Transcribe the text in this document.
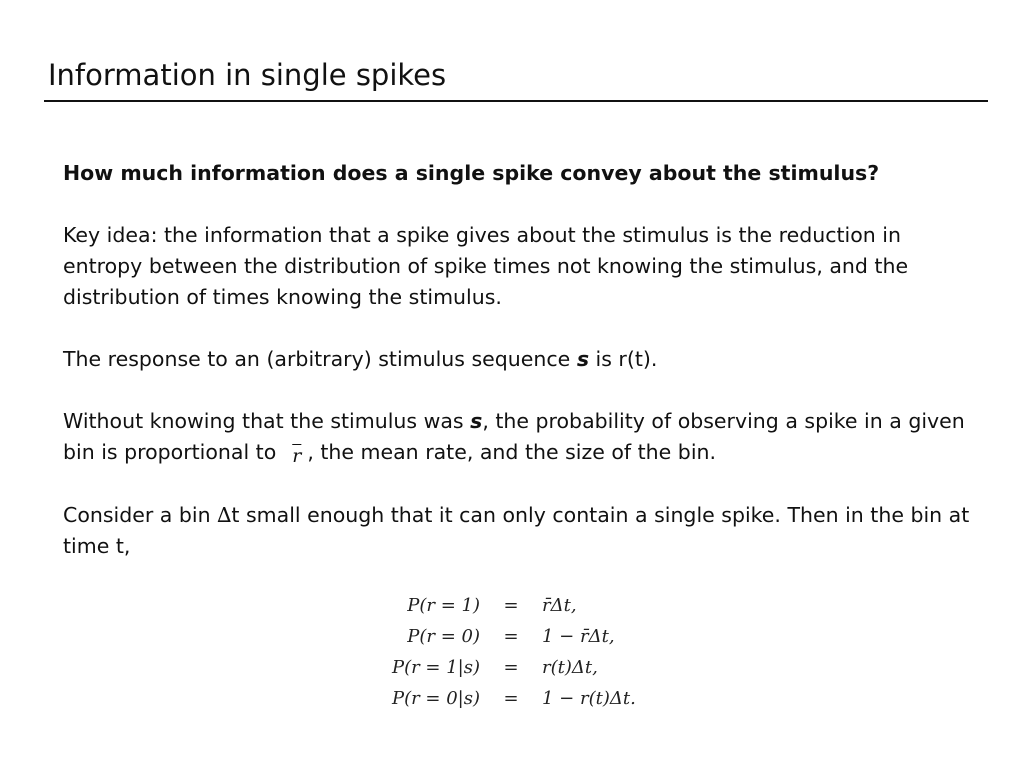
Information in single spikes

How much information does a single spike convey about the stimulus?

Key idea: the information that a spike gives about the stimulus is the reduction in entropy between the distribution of spike times not knowing the stimulus, and the distribution of times knowing the stimulus.

The response to an (arbitrary) stimulus sequence s is r(t).

Without knowing that the stimulus was s, the probability of observing a spike in a given bin is proportional to $\overline{r}$ , the mean rate, and the size of the bin.

Consider a bin ∆t small enough that it can only contain a single spike. Then in the bin at time t,

P(r = 1)	=	r̄Δt,
P(r = 0)	=	1 − r̄Δt,
P(r = 1|s)	=	r(t)Δt,
P(r = 0|s)	=	1 − r(t)Δt.
